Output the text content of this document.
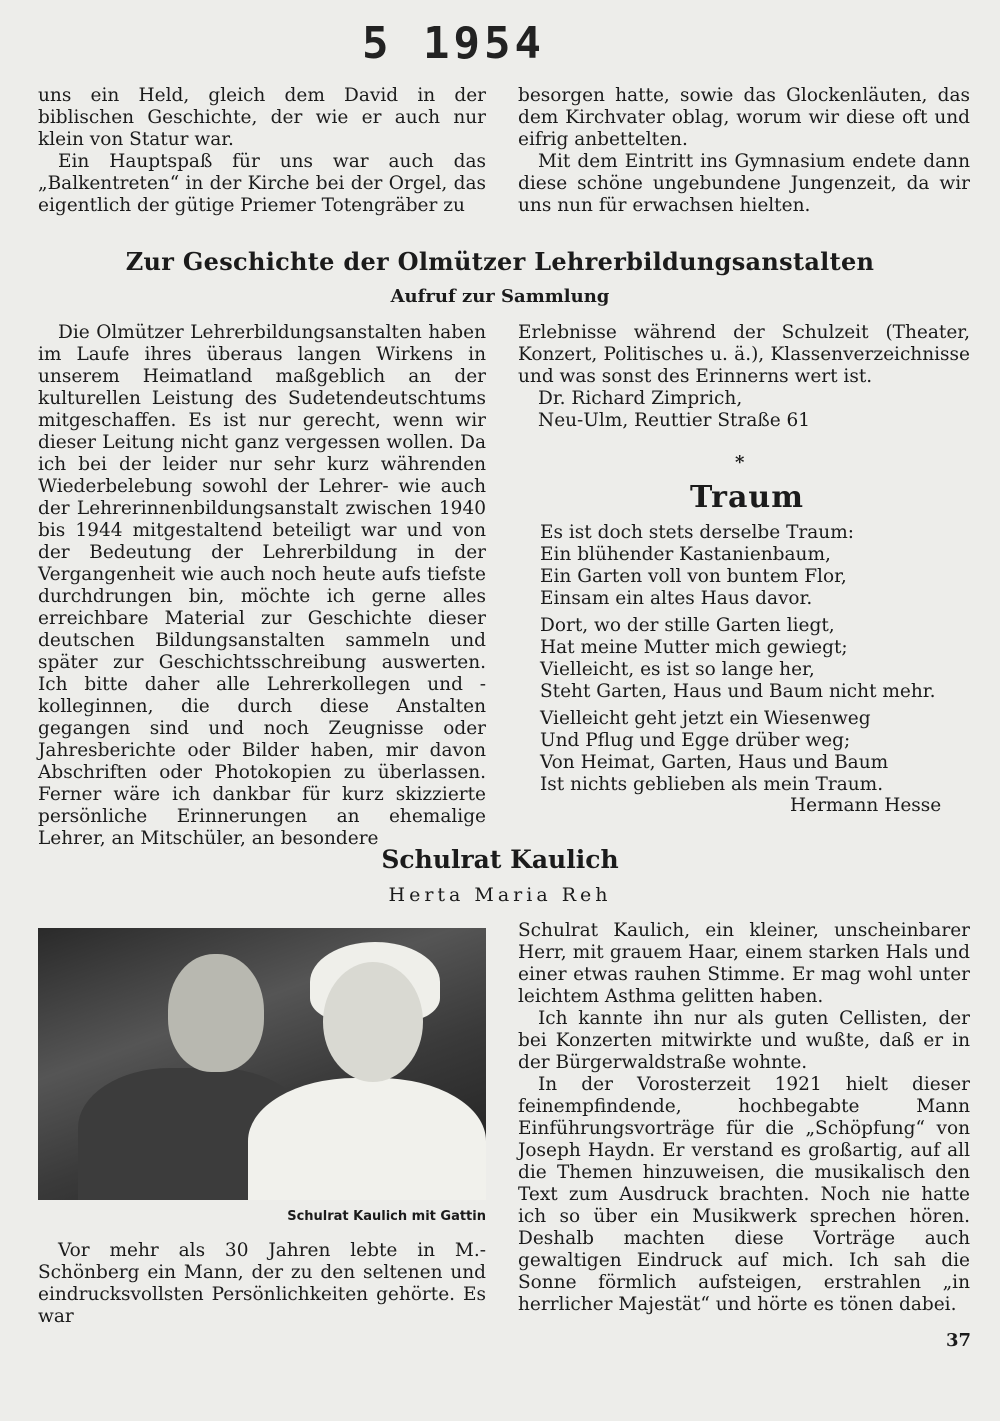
5 1954

uns ein Held, gleich dem David in der biblischen Geschichte, der wie er auch nur klein von Statur war.

Ein Hauptspaß für uns war auch das „Balkentreten“ in der Kirche bei der Orgel, das eigentlich der gütige Priemer Totengräber zu

besorgen hatte, sowie das Glockenläuten, das dem Kirchvater oblag, worum wir diese oft und eifrig anbettelten.

Mit dem Eintritt ins Gymnasium endete dann diese schöne ungebundene Jungenzeit, da wir uns nun für erwachsen hielten.

Zur Geschichte der Olmützer Lehrerbildungsanstalten
Aufruf zur Sammlung

Die Olmützer Lehrerbildungsanstalten haben im Laufe ihres überaus langen Wirkens in unserem Heimatland maßgeblich an der kulturellen Leistung des Sudetendeutschtums mitgeschaffen. Es ist nur gerecht, wenn wir dieser Leitung nicht ganz vergessen wollen. Da ich bei der leider nur sehr kurz währenden Wiederbelebung sowohl der Lehrer- wie auch der Lehrerinnenbildungsanstalt zwischen 1940 bis 1944 mitgestaltend beteiligt war und von der Bedeutung der Lehrerbildung in der Vergangenheit wie auch noch heute aufs tiefste durchdrungen bin, möchte ich gerne alles erreichbare Material zur Geschichte dieser deutschen Bildungsanstalten sammeln und später zur Geschichtsschreibung auswerten. Ich bitte daher alle Lehrerkollegen und -kolleginnen, die durch diese Anstalten gegangen sind und noch Zeugnisse oder Jahresberichte oder Bilder haben, mir davon Abschriften oder Photokopien zu überlassen. Ferner wäre ich dankbar für kurz skizzierte persönliche Erinnerungen an ehemalige Lehrer, an Mitschüler, an besondere

Erlebnisse während der Schulzeit (Theater, Konzert, Politisches u. ä.), Klassenverzeichnisse und was sonst des Erinnerns wert ist.

Dr. Richard Zimprich,

Neu-Ulm, Reuttier Straße 61

*
Traum
Es ist doch stets derselbe Traum:
Ein blühender Kastanienbaum,
Ein Garten voll von buntem Flor,
Einsam ein altes Haus davor.
Dort, wo der stille Garten liegt,
Hat meine Mutter mich gewiegt;
Vielleicht, es ist so lange her,
Steht Garten, Haus und Baum nicht mehr.
Vielleicht geht jetzt ein Wiesenweg
Und Pflug und Egge drüber weg;
Von Heimat, Garten, Haus und Baum
Ist nichts geblieben als mein Traum.
Hermann Hesse
Schulrat Kaulich
Herta Maria Reh
Schulrat Kaulich mit Gattin

Vor mehr als 30 Jahren lebte in M.-Schönberg ein Mann, der zu den seltenen und eindrucksvollsten Persönlichkeiten gehörte. Es war

Schulrat Kaulich, ein kleiner, unscheinbarer Herr, mit grauem Haar, einem starken Hals und einer etwas rauhen Stimme. Er mag wohl unter leichtem Asthma gelitten haben.

Ich kannte ihn nur als guten Cellisten, der bei Konzerten mitwirkte und wußte, daß er in der Bürgerwaldstraße wohnte.

In der Vorosterzeit 1921 hielt dieser feinempfindende, hochbegabte Mann Einführungsvorträge für die „Schöpfung“ von Joseph Haydn. Er verstand es großartig, auf all die Themen hinzuweisen, die musikalisch den Text zum Ausdruck brachten. Noch nie hatte ich so über ein Musikwerk sprechen hören. Deshalb machten diese Vorträge auch gewaltigen Eindruck auf mich. Ich sah die Sonne förmlich aufsteigen, erstrahlen „in herrlicher Majestät“ und hörte es tönen dabei.

37
